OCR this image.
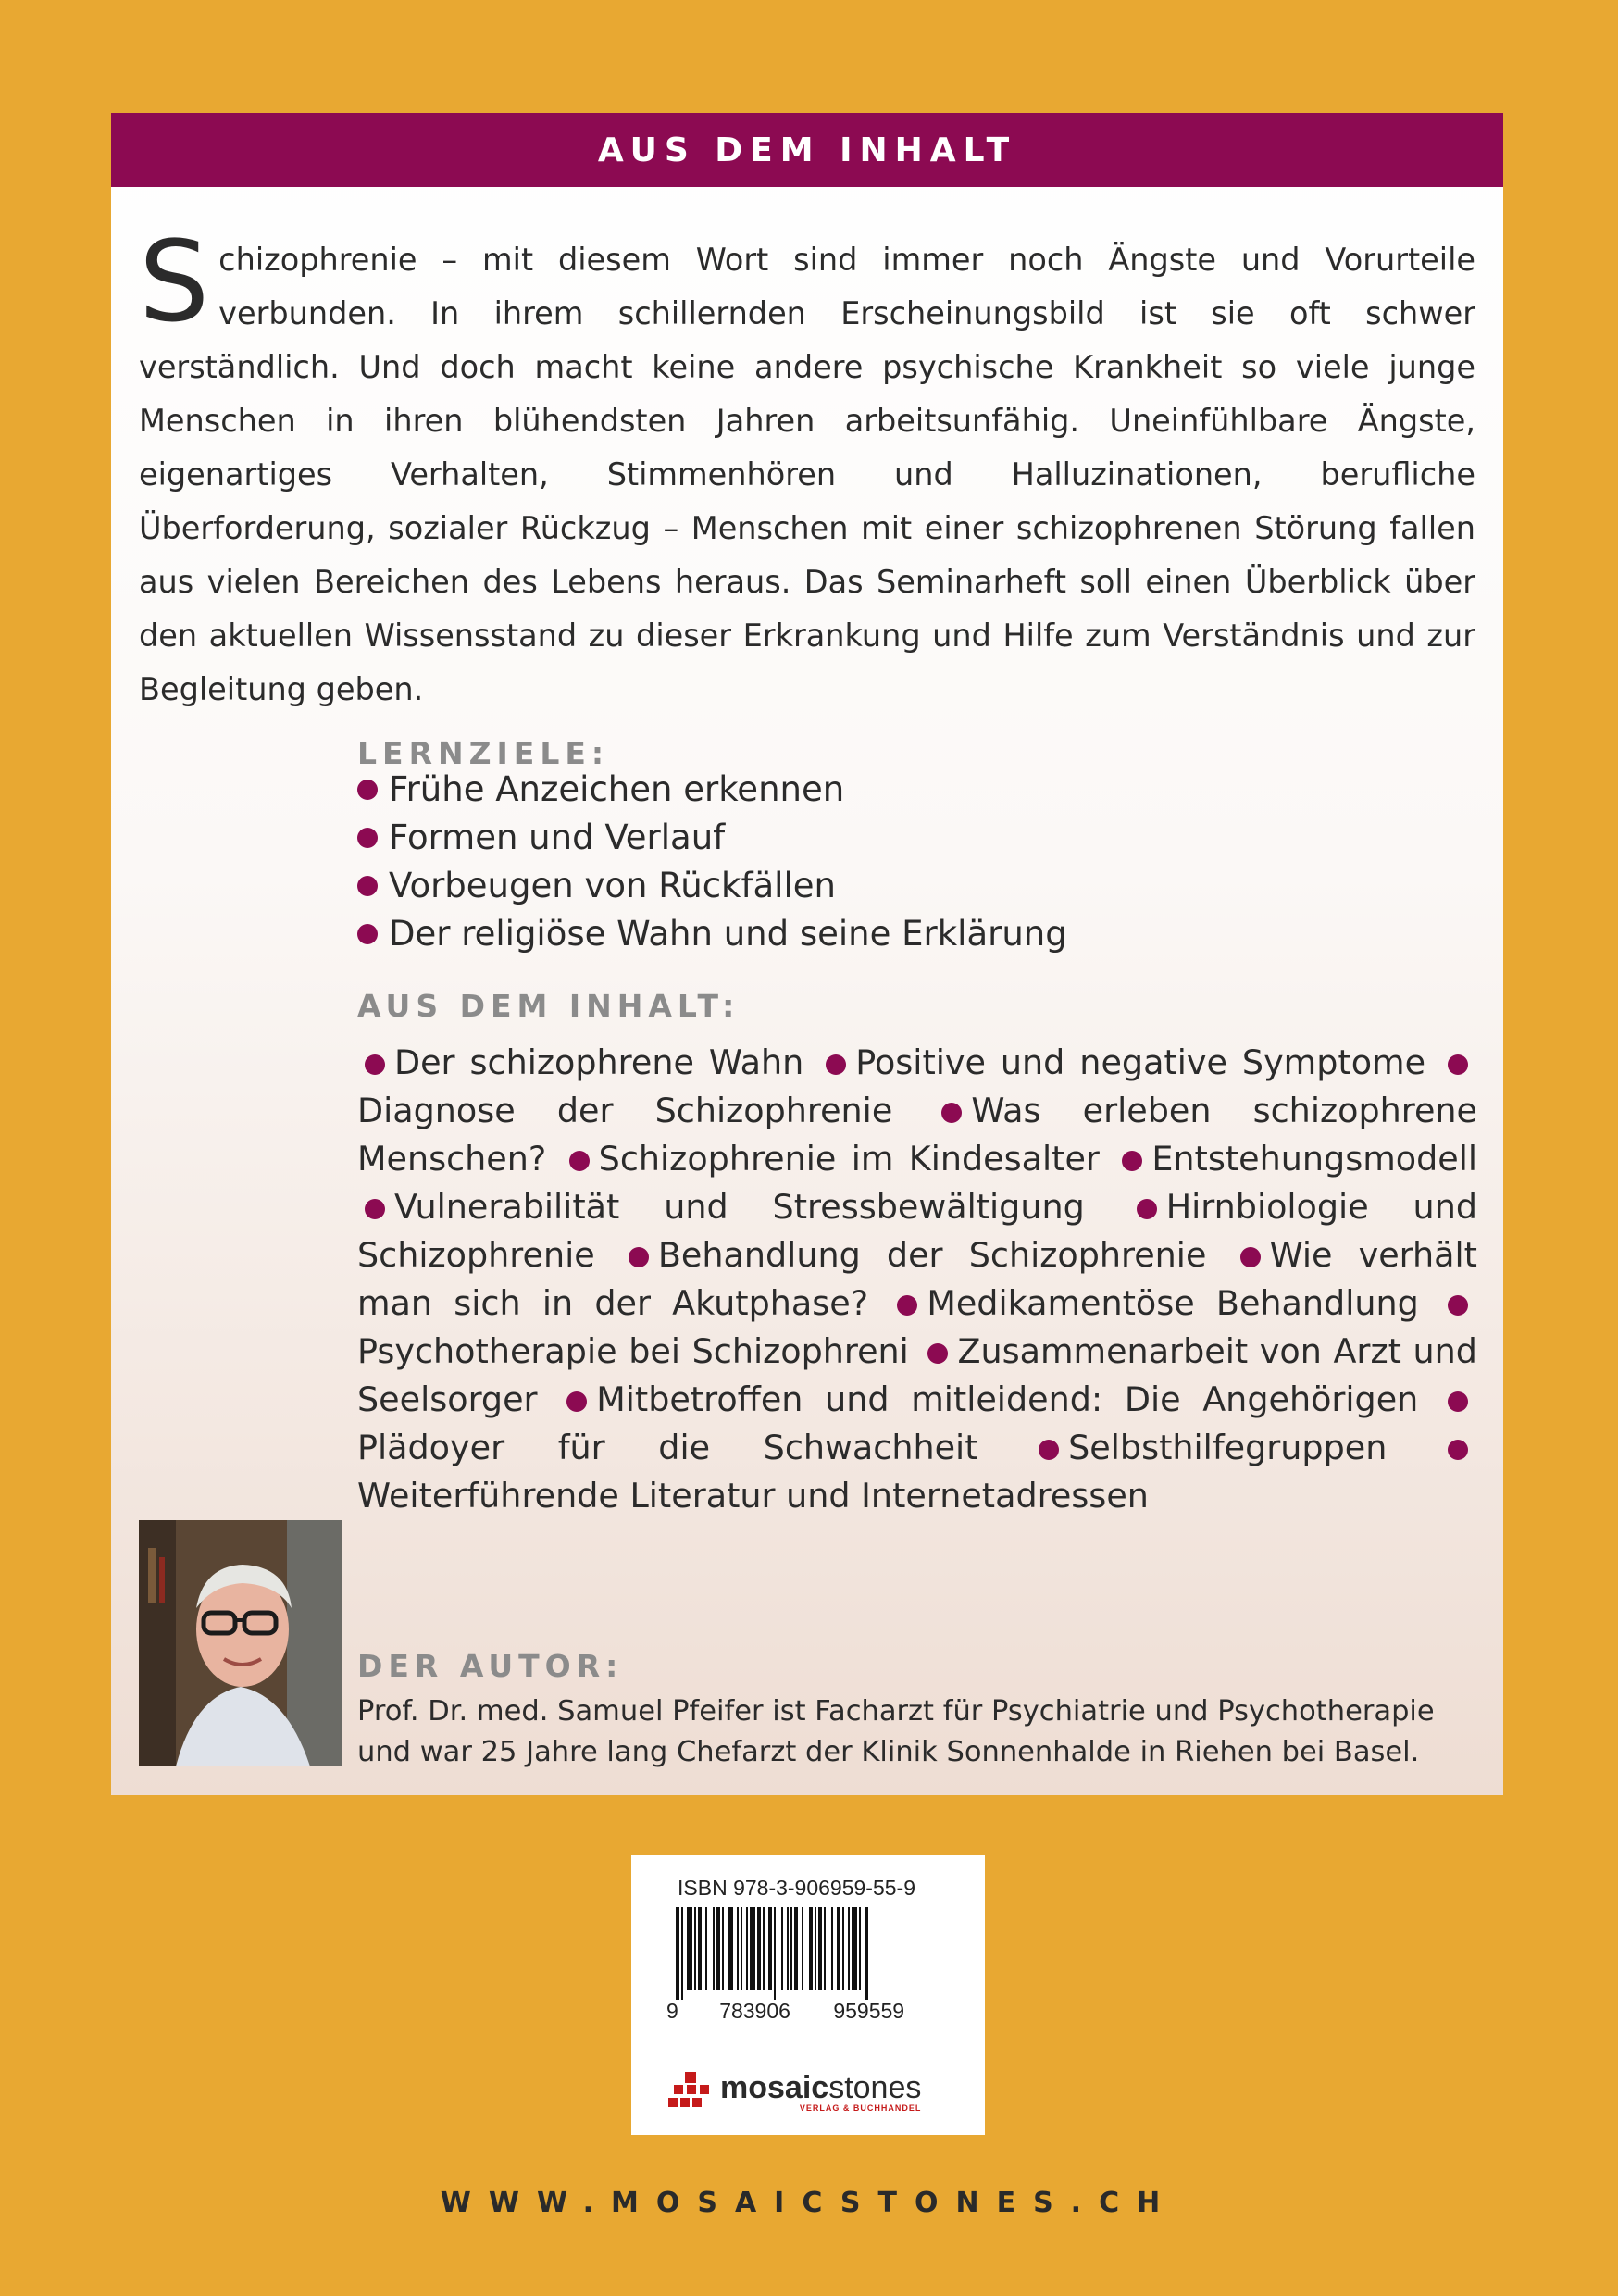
AUS DEM INHALT
Schizophrenie – mit diesem Wort sind immer noch Ängste und Vorurteile verbunden. In ihrem schillernden Erscheinungsbild ist sie oft schwer verständlich. Und doch macht keine andere psychische Krankheit so viele junge Menschen in ihren blühendsten Jahren arbeitsunfähig. Uneinfühlbare Ängste, eigenartiges Verhalten, Stimmenhören und Halluzinationen, berufliche Überforderung, sozialer Rückzug – Menschen mit einer schizophrenen Störung fallen aus vielen Bereichen des Lebens heraus. Das Seminarheft soll einen Überblick über den aktuellen Wissensstand zu dieser Erkrankung und Hilfe zum Verständnis und zur Begleitung geben.
LERNZIELE:
Frühe Anzeichen erkennen
Formen und Verlauf
Vorbeugen von Rückfällen
Der religiöse Wahn und seine Erklärung
AUS DEM INHALT:
Der schizophrene Wahn Positive und negative Symptome Diagnose der Schizophrenie Was erleben schizophrene Menschen? Schizophrenie im Kindesalter Entstehungsmodell Vulnerabilität und Stressbewältigung Hirnbiologie und Schizophrenie Behandlung der Schizophrenie Wie verhält man sich in der Akutphase? Medikamentöse Behandlung Psychotherapie bei Schizophreni Zusammenarbeit von Arzt und Seelsorger Mitbetroffen und mitleidend: Die Angehörigen Plädoyer für die Schwachheit	Selbsthilfegruppen Weiterführende Literatur und Internetadressen
DER AUTOR:
Prof. Dr. med. Samuel Pfeifer ist Facharzt für Psychiatrie und Psychotherapie und war 25 Jahre lang Chefarzt der Klinik Sonnenhalde in Riehen bei Basel.
ISBN 978-3-906959-55-9
9 783906 959559
mosaicstones
VERLAG & BUCHHANDEL
WWW.MOSAICSTONES.CH
